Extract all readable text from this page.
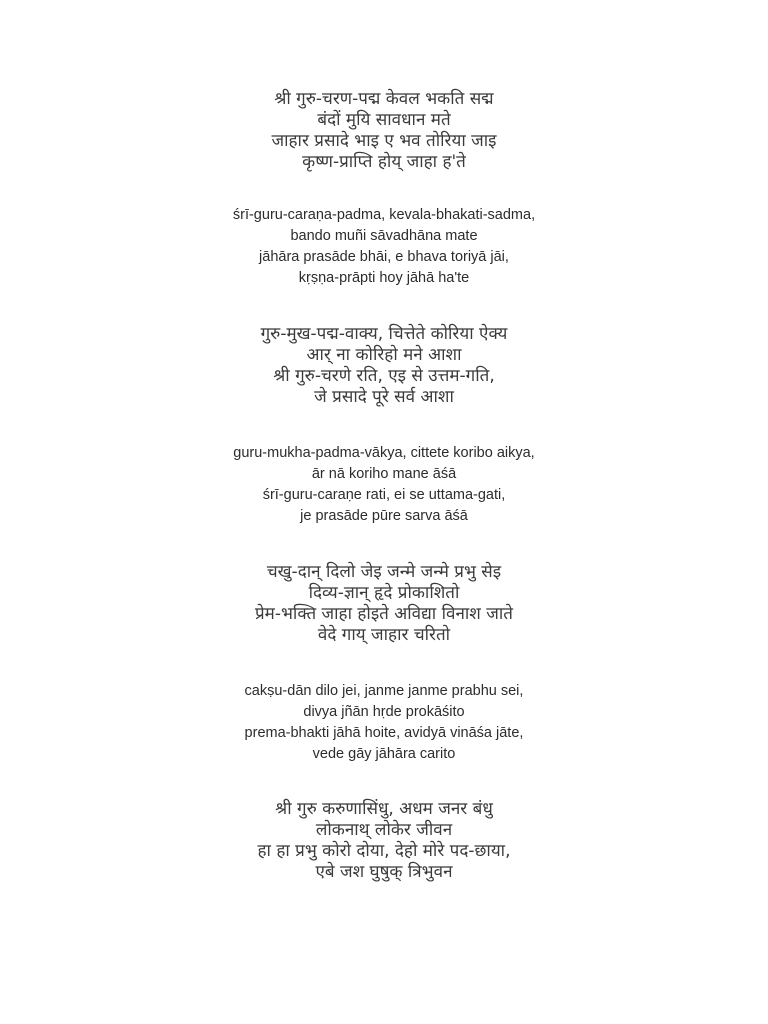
श्री गुरु-चरण-पद्म केवल भकति सद्म
बंदों मुयि सावधान मते
जाहार प्रसादे भाइ ए भव तोरिया जाइ
कृष्ण-प्राप्ति होय् जाहा ह'ते
śrī-guru-caraṇa-padma, kevala-bhakati-sadma,
bando muñi sāvadhāna mate
jāhāra prasāde bhāi, e bhava toriyā jāi,
kṛṣṇa-prāpti hoy jāhā ha'te
गुरु-मुख-पद्म-वाक्य, चित्तेते कोरिया ऐक्य
आर् ना कोरिहो मने आशा
श्री गुरु-चरणे रति, एइ से उत्तम-गति,
जे प्रसादे पूरे सर्व आशा
guru-mukha-padma-vākya, cittete koribo aikya,
ār nā koriho mane āśā
śrī-guru-caraṇe rati, ei se uttama-gati,
je prasāde pūre sarva āśā
चखु-दान् दिलो जेइ जन्मे जन्मे प्रभु सेइ
दिव्य-ज्ञान् हृदे प्रोकाशितो
प्रेम-भक्ति जाहा होइते अविद्या विनाश जाते
वेदे गाय् जाहार चरितो
cakṣu-dān dilo jei, janme janme prabhu sei,
divya jñān hṛde prokāśito
prema-bhakti jāhā hoite, avidyā vināśa jāte,
vede gāy jāhāra carito
श्री गुरु करुणासिंधु, अधम जनर बंधु
लोकनाथ् लोकेर जीवन
हा हा प्रभु कोरो दोया, देहो मोरे पद-छाया,
एबे जश घुषुक् त्रिभुवन
